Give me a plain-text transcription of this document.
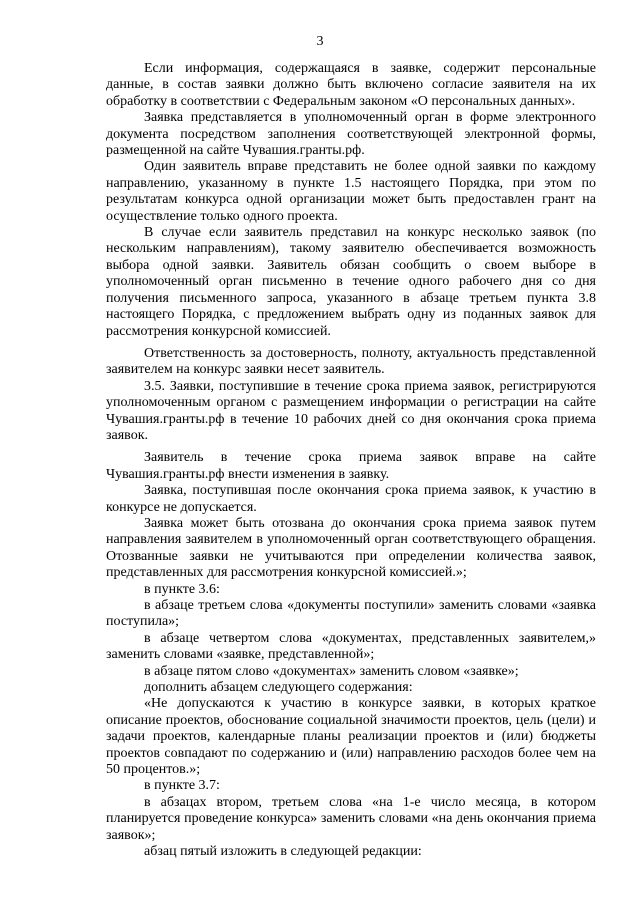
3

Если информация, содержащаяся в заявке, содержит персональные данные, в состав заявки должно быть включено согласие заявителя на их обработку в соответствии с Федеральным законом «О персональных данных».

Заявка представляется в уполномоченный орган в форме электронного документа посредством заполнения соответствующей электронной формы, размещенной на сайте Чувашия.гранты.рф.

Один заявитель вправе представить не более одной заявки по каждому направлению, указанному в пункте 1.5 настоящего Порядка, при этом по результатам конкурса одной организации может быть предоставлен грант на осуществление только одного проекта.

В случае если заявитель представил на конкурс несколько заявок (по нескольким направлениям), такому заявителю обеспечивается возможность выбора одной заявки. Заявитель обязан сообщить о своем выборе в уполномоченный орган письменно в течение одного рабочего дня со дня получения письменного запроса, указанного в абзаце третьем пункта 3.8 настоящего Порядка, с предложением выбрать одну из поданных заявок для рассмотрения конкурсной комиссией.

Ответственность за достоверность, полноту, актуальность представленной заявителем на конкурс заявки несет заявитель.

3.5. Заявки, поступившие в течение срока приема заявок, регистрируются уполномоченным органом с размещением информации о регистрации на сайте Чувашия.гранты.рф в течение 10 рабочих дней со дня окончания срока приема заявок.

Заявитель в течение срока приема заявок вправе на сайте Чувашия.гранты.рф внести изменения в заявку.

Заявка, поступившая после окончания срока приема заявок, к участию в конкурсе не допускается.

Заявка может быть отозвана до окончания срока приема заявок путем направления заявителем в уполномоченный орган соответствующего обращения. Отозванные заявки не учитываются при определении количества заявок, представленных для рассмотрения конкурсной комиссией.»;

в пункте 3.6:

в абзаце третьем слова «документы поступили» заменить словами «заявка поступила»;

в абзаце четвертом слова «документах, представленных заявителем,» заменить словами «заявке, представленной»;

в абзаце пятом слово «документах» заменить словом «заявке»;

дополнить абзацем следующего содержания:

«Не допускаются к участию в конкурсе заявки, в которых краткое описание проектов, обоснование социальной значимости проектов, цель (цели) и задачи проектов, календарные планы реализации проектов и (или) бюджеты проектов совпадают по содержанию и (или) направлению расходов более чем на 50 процентов.»;

в пункте 3.7:

в абзацах втором, третьем слова «на 1-е число месяца, в котором планируется проведение конкурса» заменить словами «на день окончания приема заявок»;

абзац пятый изложить в следующей редакции:
